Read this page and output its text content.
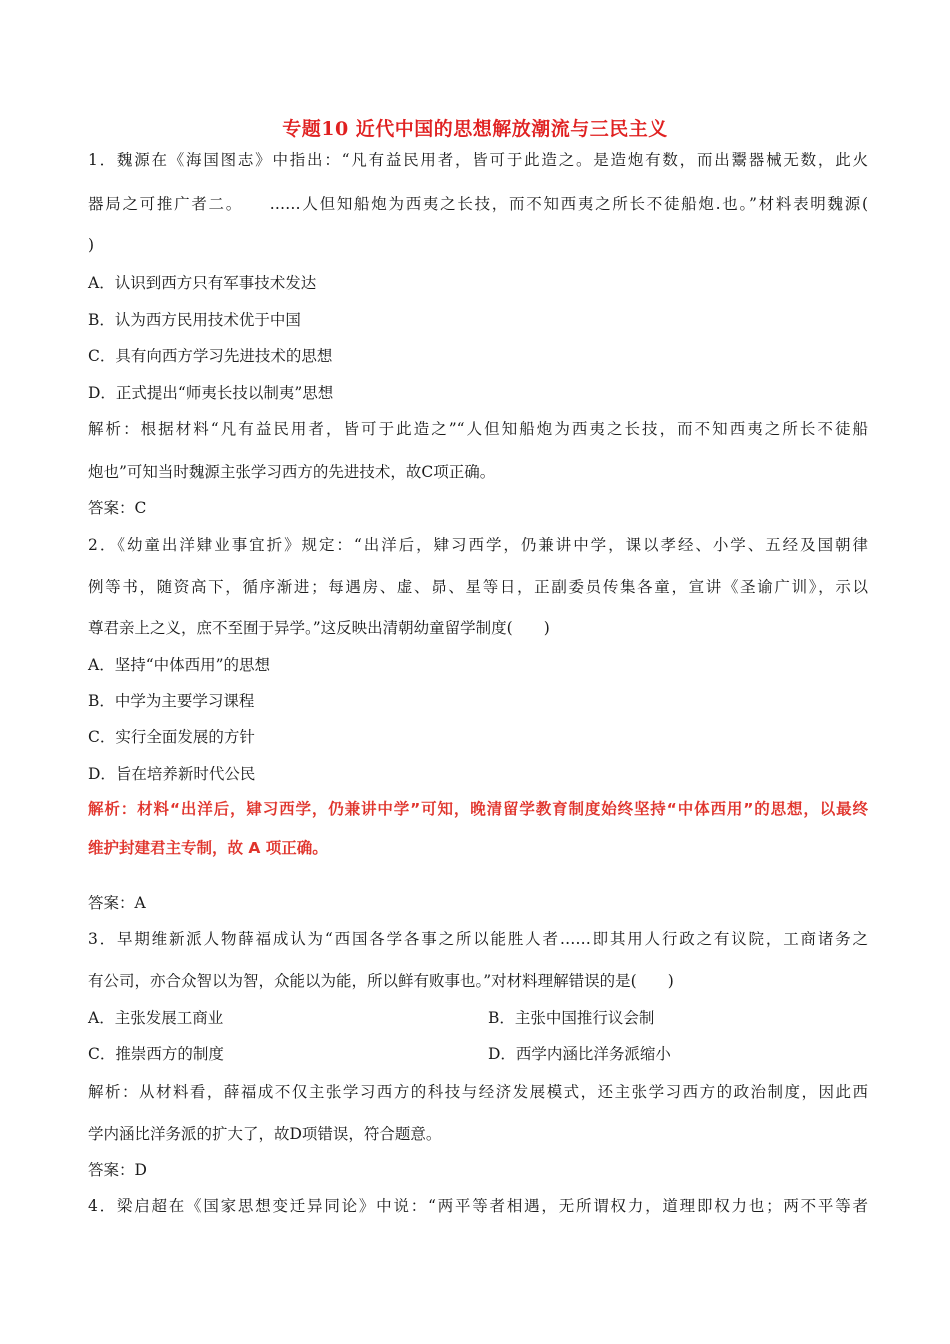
专题10 近代中国的思想解放潮流与三民主义
1．魏源在《海国图志》中指出：“凡有益民用者，皆可于此造之。是造炮有数，而出鬻器械无数，此火
器局之可推广者二。　　……人但知船炮为西夷之长技，而不知西夷之所长不徒船炮.也。”材料表明魏源(
)
A．认识到西方只有军事技术发达
B．认为西方民用技术优于中国
C．具有向西方学习先进技术的思想
D．正式提出“师夷长技以制夷”思想
解析：根据材料“凡有益民用者，皆可于此造之”“人但知船炮为西夷之长技，而不知西夷之所长不徒船
炮也”可知当时魏源主张学习西方的先进技术，故C项正确。
答案：C
2．《幼童出洋肄业事宜折》规定：“出洋后，肄习西学，仍兼讲中学，课以孝经、小学、五经及国朝律
例等书，随资高下，循序渐进；每遇房、虚、昴、星等日，正副委员传集各童，宣讲《圣谕广训》，示以
尊君亲上之义，庶不至囿于异学。”这反映出清朝幼童留学制度(　　)
A．坚持“中体西用”的思想
B．中学为主要学习课程
C．实行全面发展的方针
D．旨在培养新时代公民
解析：材料“出洋后，肄习西学，仍兼讲中学”可知，晚清留学教育制度始终坚持“中体西用”的思想，以最终
维护封建君主专制，故 A 项正确。
答案：A
3．早期维新派人物薛福成认为“西国各学各事之所以能胜人者……即其用人行政之有议院，工商诸务之
有公司，亦合众智以为智，众能以为能，所以鲜有败事也。”对材料理解错误的是(　　)
A．主张发展工商业	B．主张中国推行议会制
C．推崇西方的制度	D．西学内涵比洋务派缩小
解析：从材料看，薛福成不仅主张学习西方的科技与经济发展模式，还主张学习西方的政治制度，因此西
学内涵比洋务派的扩大了，故D项错误，符合题意。
答案：D
4．梁启超在《国家思想变迁异同论》中说：“两平等者相遇，无所谓权力，道理即权力也；两不平等者
